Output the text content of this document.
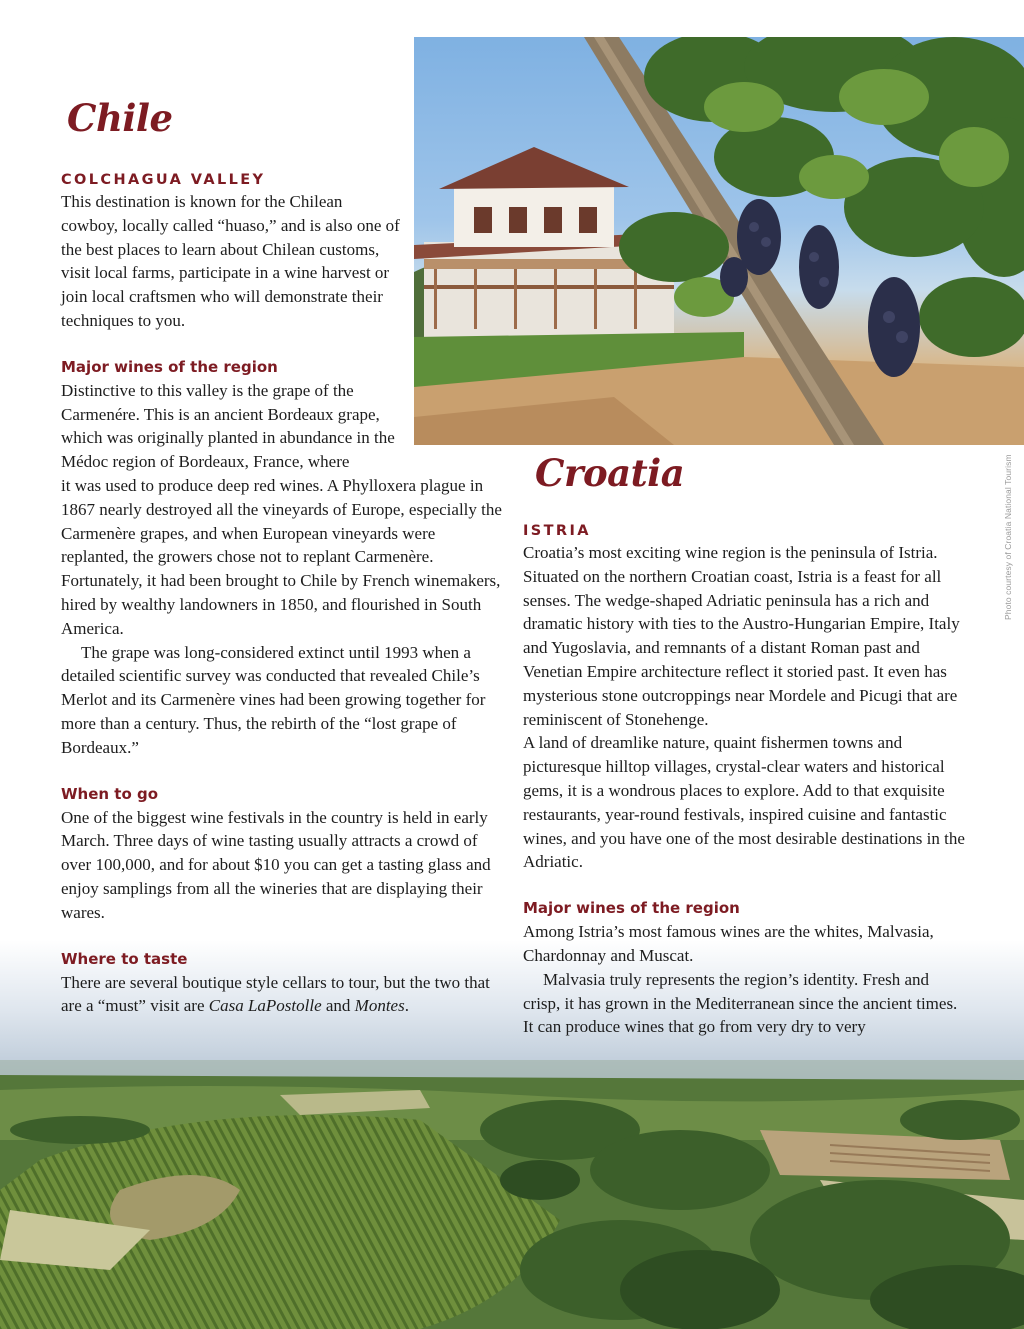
Photo courtesy of Croatia National Tourism
Chile
COLCHAGUA VALLEY

This destination is known for the Chilean cowboy, locally called “huaso,” and is also one of the best places to learn about Chilean customs, visit local farms, participate in a wine harvest or join local craftsmen who will demonstrate their techniques to you.

Major wines of the region

Distinctive to this valley is the grape of the Carmenére. This is an ancient Bordeaux grape, which was originally planted in abundance in the Médoc region of Bordeaux, France, where

it was used to produce deep red wines. A Phylloxera plague in 1867 nearly destroyed all the vineyards of Europe, especially the Carmenère grapes, and when European vineyards were replanted, the growers chose not to replant Carmenère. Fortunately, it had been brought to Chile by French winemakers, hired by wealthy landowners in 1850, and flourished in South America.

The grape was long-considered extinct until 1993 when a detailed scientific survey was conducted that revealed Chile’s Merlot and its Carmenère vines had been growing together for more than a century. Thus, the rebirth of the “lost grape of Bordeaux.”

When to go

One of the biggest wine festivals in the country is held in early March. Three days of wine tasting usually attracts a crowd of over 100,000, and for about $10 you can get a tasting glass and enjoy samplings from all the wineries that are displaying their wares.

Where to taste

There are several boutique style cellars to tour, but the two that are a “must” visit are Casa LaPostolle and Montes.

Croatia
ISTRIA

Croatia’s most exciting wine region is the peninsula of Istria. Situated on the northern Croatian coast, Istria is a feast for all senses. The wedge-shaped Adriatic peninsula has a rich and dramatic history with ties to the Austro-Hungarian Empire, Italy and Yugoslavia, and remnants of a distant Roman past and Venetian Empire architecture reflect it storied past. It even has mysterious stone outcroppings near Mordele and Picugi that are reminiscent of Stonehenge.

A land of dreamlike nature, quaint fishermen towns and picturesque hilltop villages, crystal-clear waters and historical gems, it is a wondrous places to explore. Add to that exquisite restaurants, year-round festivals, inspired cuisine and fantastic wines, and you have one of the most desirable destinations in the Adriatic.

Major wines of the region

Among Istria’s most famous wines are the whites, Malvasia, Chardonnay and Muscat.

Malvasia truly represents the region’s identity. Fresh and crisp, it has grown in the Mediterranean since the ancient times. It can produce wines that go from very dry to very
